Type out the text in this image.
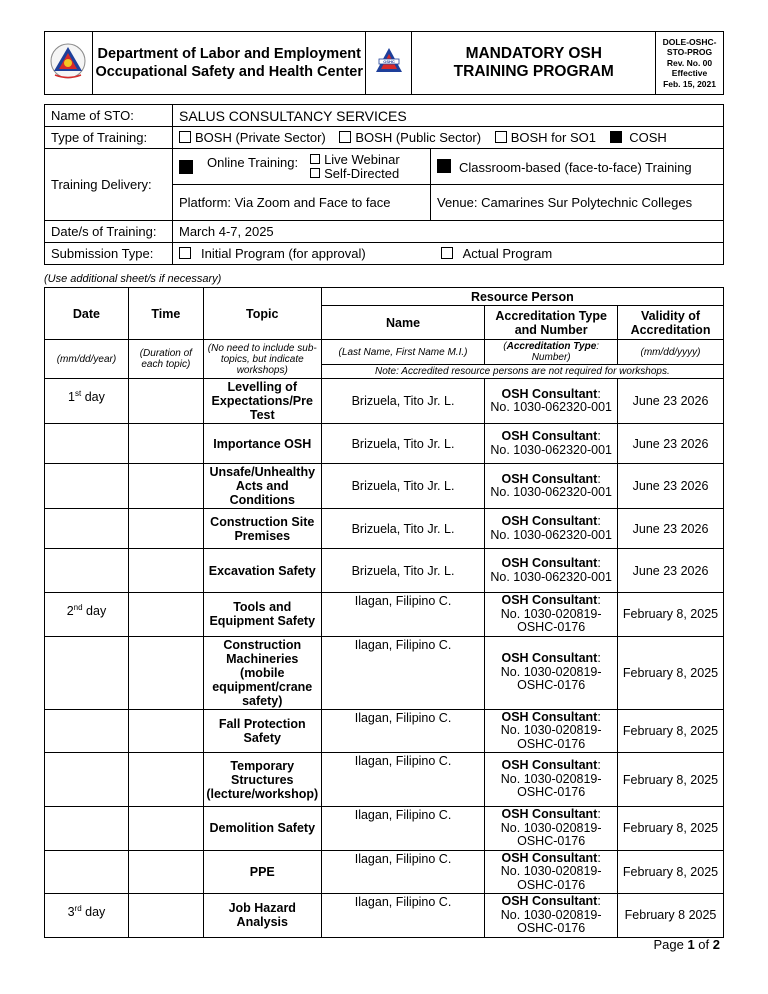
Department of Labor and Employment
Occupational Safety and Health Center

OSHC	MANDATORY OSH
TRAINING PROGRAM

DOLE-OSHC-
STO-PROG
Rev. No. 00
Effective
Feb. 15, 2021
Name of STO:	SALUS CONSULTANCY SERVICES	
Type of Training:	BOSH (Private Sector) BOSH (Public Sector) BOSH for SO1 COSH	
Training Delivery:	Online Training: Live Webinar
Self-Directed	Classroom-based (face-to-face) Training
	Platform: Via Zoom and Face to face	Venue: Camarines Sur Polytechnic Colleges
Date/s of Training:	March 4-7, 2025	
Submission Type:	Initial Program (for approval) Actual Program	
(Use additional sheet/s if necessary)
Date	Time	Topic	Resource Person		
			Name	Accreditation Type and Number	Validity of Accreditation
(mm/dd/year)	(Duration of each topic)	(No need to include sub-topics, but indicate workshops)	(Last Name, First Name M.I.)	(Accreditation Type: Number)	(mm/dd/yyyy)
			Note: Accredited resource persons are not required for workshops.		
1st day		Levelling of Expectations/Pre Test	Brizuela, Tito Jr. L.	OSH Consultant:
No. 1030-062320-001	June 23 2026
		Importance OSH	Brizuela, Tito Jr. L.	OSH Consultant:
No. 1030-062320-001	June 23 2026
		Unsafe/Unhealthy Acts and Conditions	Brizuela, Tito Jr. L.	OSH Consultant:
No. 1030-062320-001	June 23 2026
		Construction Site Premises	Brizuela, Tito Jr. L.	OSH Consultant:
No. 1030-062320-001	June 23 2026
		Excavation Safety	Brizuela, Tito Jr. L.	OSH Consultant:
No. 1030-062320-001	June 23 2026
2nd day		Tools and Equipment Safety	Ilagan, Filipino C.	OSH Consultant:
No. 1030-020819-OSHC-0176	February 8, 2025
		Construction Machineries (mobile equipment/crane safety)	Ilagan, Filipino C.	OSH Consultant:
No. 1030-020819-OSHC-0176	February 8, 2025
		Fall Protection Safety	Ilagan, Filipino C.	OSH Consultant:
No. 1030-020819-OSHC-0176	February 8, 2025
		Temporary Structures (lecture/workshop)	Ilagan, Filipino C.	OSH Consultant:
No. 1030-020819-OSHC-0176	February 8, 2025
		Demolition Safety	Ilagan, Filipino C.	OSH Consultant:
No. 1030-020819-OSHC-0176	February 8, 2025
		PPE	Ilagan, Filipino C.	OSH Consultant:
No. 1030-020819-OSHC-0176	February 8, 2025
3rd day		Job Hazard Analysis	Ilagan, Filipino C.	OSH Consultant:
No. 1030-020819-OSHC-0176	February 8 2025
Page 1 of 2
